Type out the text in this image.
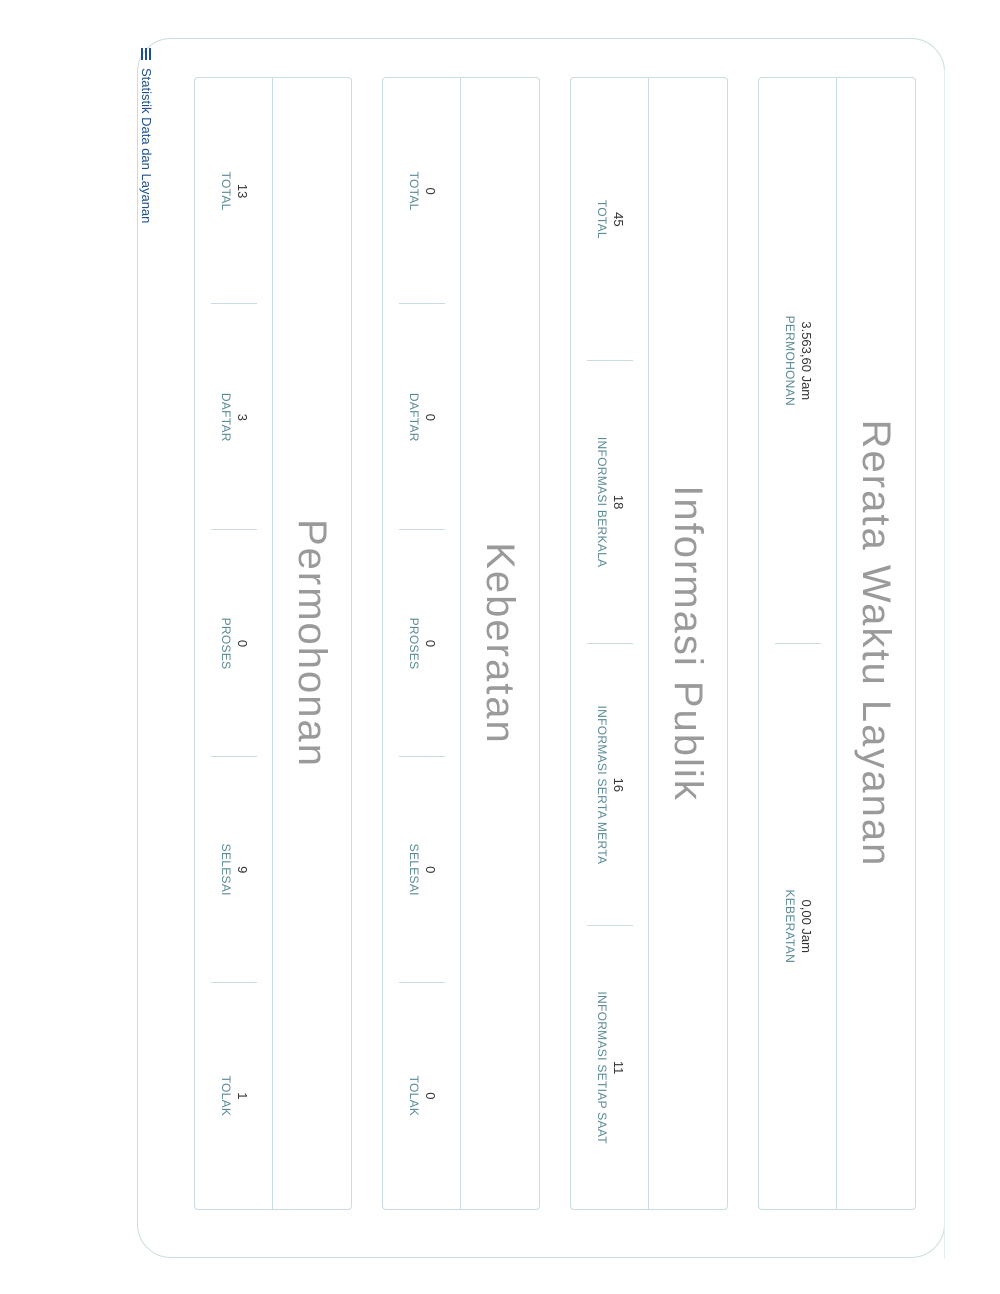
Statistik Data dan Layanan
Permohonan
13
TOTAL
3
DAFTAR
0
PROSES
9
SELESAI
1
TOLAK
Keberatan
0
TOTAL
0
DAFTAR
0
PROSES
0
SELESAI
0
TOLAK
Informasi Publik
45
TOTAL
18
INFORMASI BERKALA
16
INFORMASI SERTA MERTA
11
INFORMASI SETIAP SAAT
Rerata Waktu Layanan
3.563,60 Jam
PERMOHONAN
0,00 Jam
KEBERATAN
